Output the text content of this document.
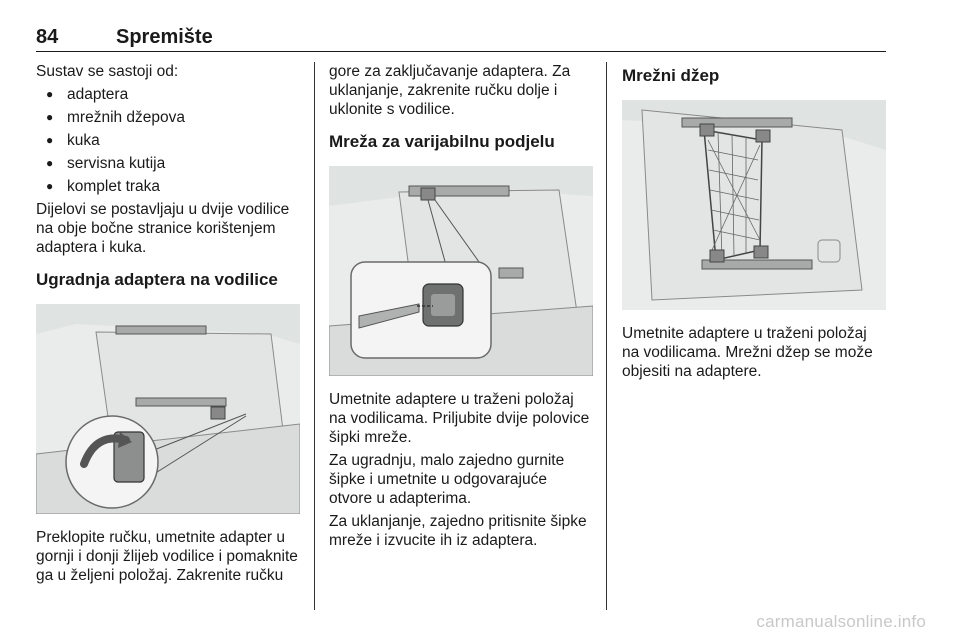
84	Spremište

Sustav se sastoji od:

● adaptera
● mrežnih džepova
● kuka
● servisna kutija
● komplet traka

Dijelovi se postavljaju u dvije vodilice na obje bočne stranice korištenjem adaptera i kuka.

Ugradnja adaptera na vodilice

Preklopite ručku, umetnite adapter u gornji i donji žlijeb vodilice i pomaknite ga u željeni položaj. Zakrenite ručku

gore za zaključavanje adaptera. Za uklanjanje, zakrenite ručku dolje i uklonite s vodilice.

Mreža za varijabilnu podjelu

Umetnite adaptere u traženi položaj na vodilicama. Priljubite dvije polovice šipki mreže.

Za ugradnju, malo zajedno gurnite šipke i umetnite u odgovarajuće otvore u adapterima.

Za uklanjanje, zajedno pritisnite šipke mreže i izvucite ih iz adaptera.

Mrežni džep

Umetnite adaptere u traženi položaj na vodilicama. Mrežni džep se može objesiti na adaptere.

carmanualsonline.info
